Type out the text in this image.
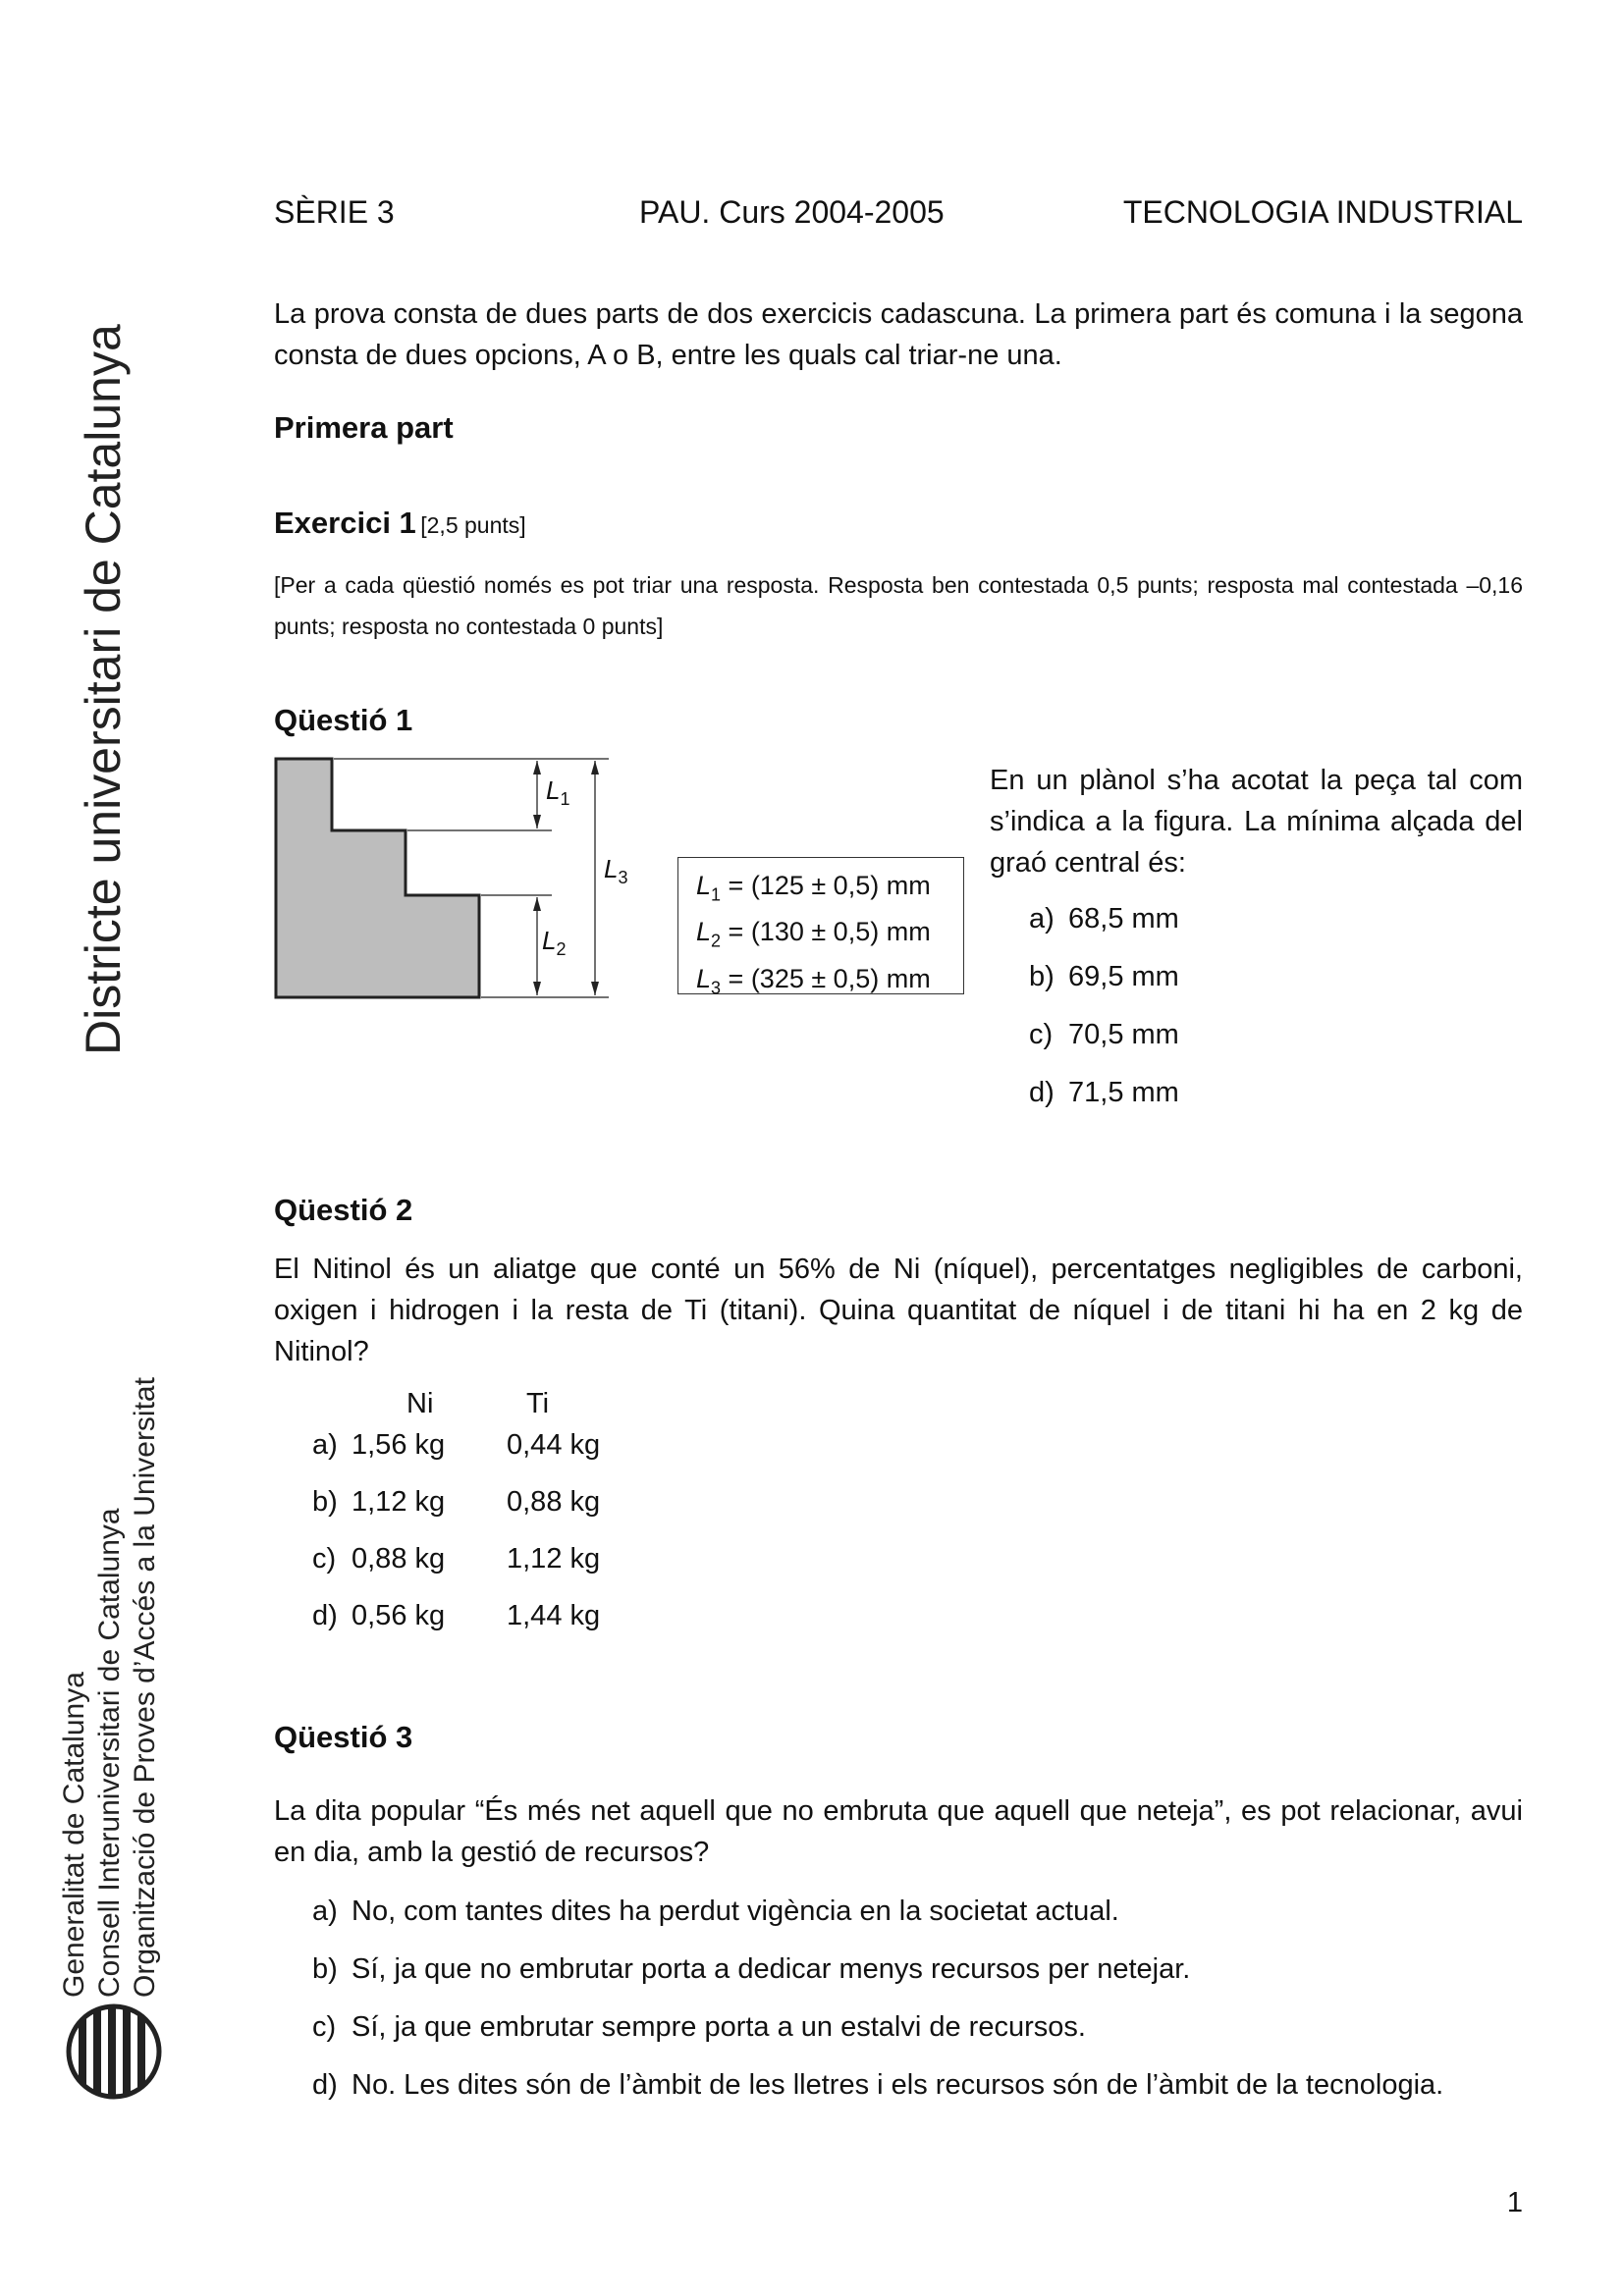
Districte universitari de Catalunya
Generalitat de Catalunya Consell Interuniversitari de Catalunya Organització de Proves d’Accés a la Universitat
SÈRIE 3	PAU. Curs 2004-2005	TECNOLOGIA INDUSTRIAL
La prova consta de dues parts de dos exercicis cadascuna. La primera part és comuna i la segona consta de dues opcions, A o B, entre les quals cal triar-ne una.
Primera part
Exercici 1 [2,5 punts]
[Per a cada qüestió només es pot triar una resposta. Resposta ben contestada 0,5 punts; resposta mal contestada –0,16 punts; resposta no contestada 0 punts]
Qüestió 1
$L_1$
$L_2$
$L_3$	$L_1 = (125 \pm 0,5)$ mm
$L_2 = (130 \pm 0,5)$ mm
$L_3 = (325 \pm 0,5)$ mm
En un plànol s’ha acotat la peça tal com s’indica a la figura. La mínima alçada del graó central és:
a) 68,5 mm
b) 69,5 mm
c) 70,5 mm
d) 71,5 mm
Qüestió 2
El Nitinol és un aliatge que conté un 56% de Ni (níquel), percentatges negligibles de carboni, oxigen i hidrogen i la resta de Ti (titani). Quina quantitat de níquel i de titani hi ha en 2 kg de Nitinol?
	Ni	Ti
a)	1,56 kg	0,44 kg
b)	1,12 kg	0,88 kg
c)	0,88 kg	1,12 kg
d)	0,56 kg	1,44 kg
Qüestió 3
La dita popular “És més net aquell que no embruta que aquell que neteja”, es pot relacionar, avui en dia, amb la gestió de recursos?
a) No, com tantes dites ha perdut vigència en la societat actual.
b) Sí, ja que no embrutar porta a dedicar menys recursos per netejar.
c) Sí, ja que embrutar sempre porta a un estalvi de recursos.
d) No. Les dites són de l’àmbit de les lletres i els recursos són de l’àmbit de la tecnologia.
1
